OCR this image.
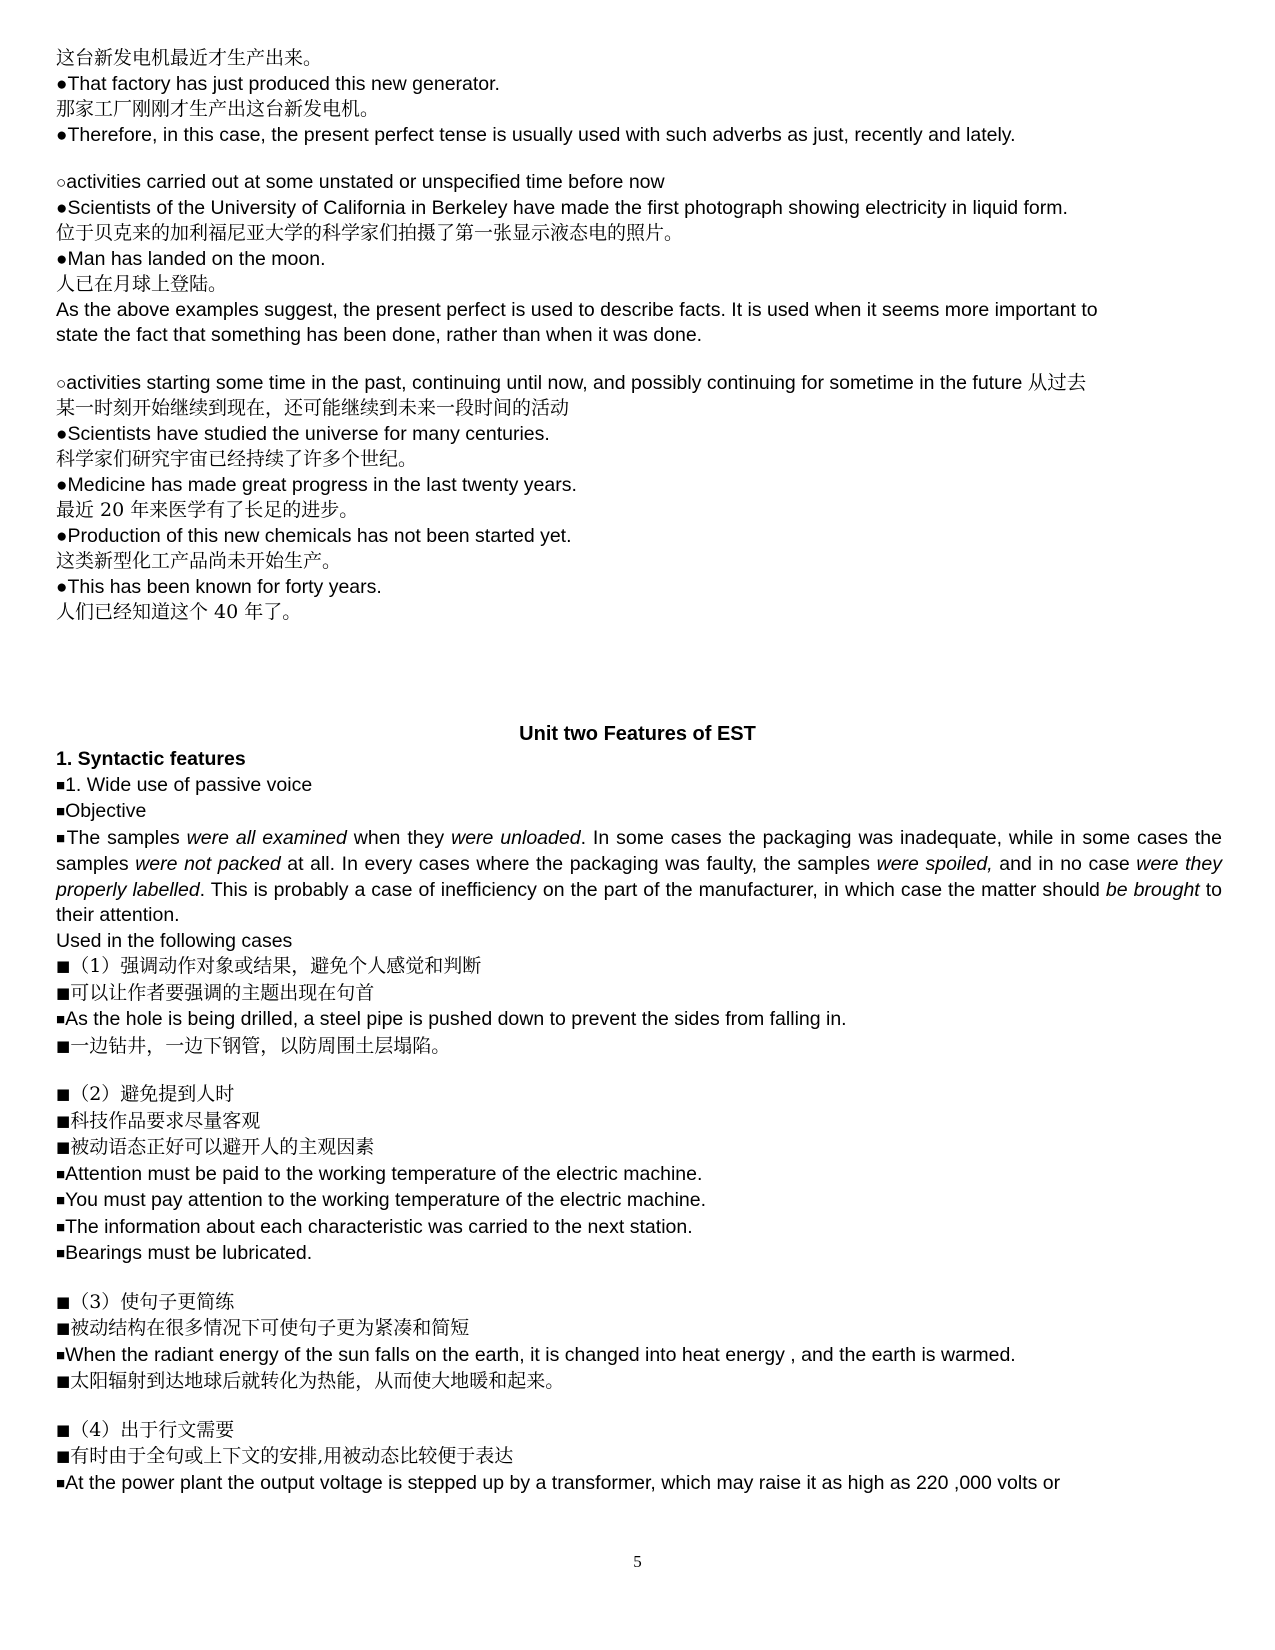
这台新发电机最近才生产出来。
●That factory has just produced this new generator.
那家工厂刚刚才生产出这台新发电机。
●Therefore, in this case, the present perfect tense is usually used with such adverbs as just, recently and lately.
○activities carried out at some unstated or unspecified time before now
●Scientists of the University of California in Berkeley have made the first photograph showing electricity in liquid form.
位于贝克来的加利福尼亚大学的科学家们拍摄了第一张显示液态电的照片。
●Man has landed on the moon.
人已在月球上登陆。
As the above examples suggest, the present perfect is used to describe facts. It is used when it seems more important to
state the fact that something has been done, rather than when it was done.
○activities starting some time in the past, continuing until now, and possibly continuing for sometime in the future 从过去
某一时刻开始继续到现在，还可能继续到未来一段时间的活动
●Scientists have studied the universe for many centuries.
科学家们研究宇宙已经持续了许多个世纪。
●Medicine has made great progress in the last twenty years.
最近 20 年来医学有了长足的进步。
●Production of this new chemicals has not been started yet.
这类新型化工产品尚未开始生产。
●This has been known for forty years.
人们已经知道这个 40 年了。
Unit two Features of EST
1. Syntactic features
■1. Wide use of passive voice
■Objective
■The samples were all examined when they were unloaded. In some cases the packaging was inadequate, while in some cases the samples were not packed at all. In every cases where the packaging was faulty, the samples were spoiled, and in no case were they properly labelled. This is probably a case of inefficiency on the part of the manufacturer, in which case the matter should be brought to their attention.
Used in the following cases
■（1）强调动作对象或结果，避免个人感觉和判断
■可以让作者要强调的主题出现在句首
■As the hole is being drilled, a steel pipe is pushed down to prevent the sides from falling in.
■一边钻井，一边下钢管，以防周围土层塌陷。
■（2）避免提到人时
■科技作品要求尽量客观
■被动语态正好可以避开人的主观因素
■Attention must be paid to the working temperature of the electric machine.
■You must pay attention to the working temperature of the electric machine.
■The information about each characteristic was carried to the next station.
■Bearings must be lubricated.
■（3）使句子更简练
■被动结构在很多情况下可使句子更为紧凑和简短
■When the radiant energy of the sun falls on the earth, it is changed into heat energy , and the earth is warmed.
■太阳辐射到达地球后就转化为热能，从而使大地暖和起来。
■（4）出于行文需要
■有时由于全句或上下文的安排,用被动态比较便于表达
■At the power plant the output voltage is stepped up by a transformer, which may raise it as high as 220 ,000 volts or
5
